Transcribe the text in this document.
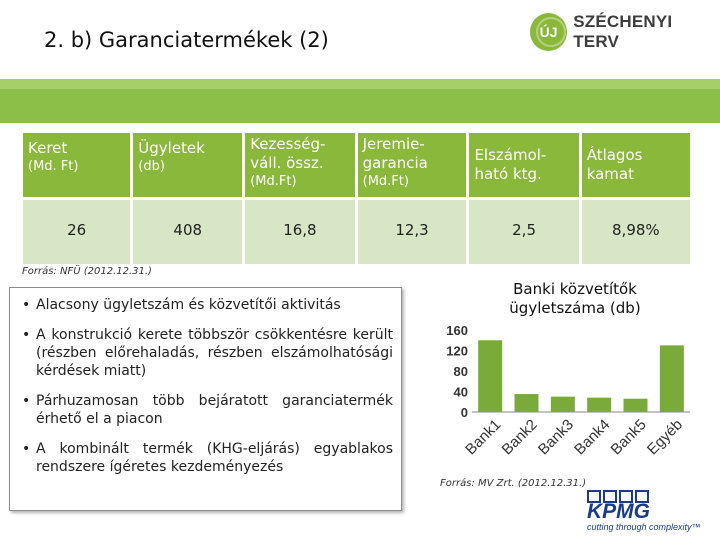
2. b) Garanciatermékek (2)	ÚJ
SZÉCHENYI TERV
Keret
(Md. Ft)	Ügyletek
(db)	Kezesség-váll. össz.
(Md.Ft)	Jeremie-garancia
(Md.Ft)	Elszámol-ható ktg.	Átlagos kamat

26	408	16,8	12,3	2,5	8,98%
Forrás: NFÜ (2012.12.31.)
• Alacsony ügyletszám és közvetítői aktivitás
• A konstrukció kerete többször csökkentésre került (részben előrehaladás, részben elszámolhatósági kérdések miatt)
• Párhuzamosan több bejáratott garanciatermék érhető el a piacon
• A kombinált termék (KHG-eljárás) egyablakos rendszere ígéretes kezdeményezés
Banki közvetítők ügyletszáma (db)
0
40
80
120
160
Bank1
Bank2
Bank3
Bank4
Bank5
Egyéb
Forrás: MV Zrt. (2012.12.31.)
KPMG
cutting through complexity™
